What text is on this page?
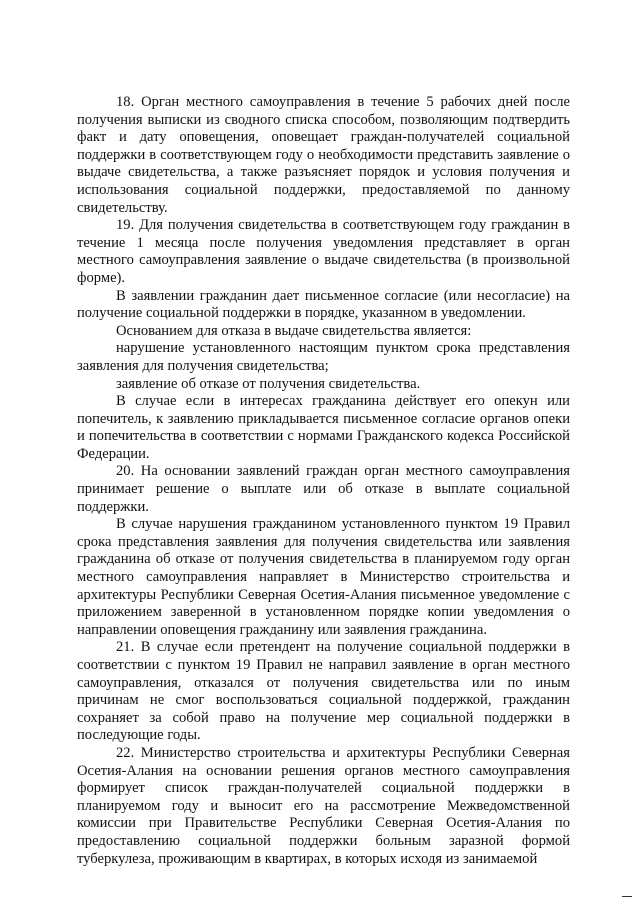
18. Орган местного самоуправления в течение 5 рабочих дней после получения выписки из сводного списка способом, позволяющим подтвердить факт и дату оповещения, оповещает граждан-получателей социальной поддержки в соответствующем году о необходимости представить заявление о выдаче свидетельства, а также разъясняет порядок и условия получения и использования социальной поддержки, предоставляемой по данному свидетельству.

19. Для получения свидетельства в соответствующем году гражданин в течение 1 месяца после получения уведомления представляет в орган местного самоуправления заявление о выдаче свидетельства (в произвольной форме).

В заявлении гражданин дает письменное согласие (или несогласие) на получение социальной поддержки в порядке, указанном в уведомлении.

Основанием для отказа в выдаче свидетельства является:

нарушение установленного настоящим пунктом срока представления заявления для получения свидетельства;

заявление об отказе от получения свидетельства.

В случае если в интересах гражданина действует его опекун или попечитель, к заявлению прикладывается письменное согласие органов опеки и попечительства в соответствии с нормами Гражданского кодекса Российской Федерации.

20. На основании заявлений граждан орган местного самоуправления принимает решение о выплате или об отказе в выплате социальной поддержки.

В случае нарушения гражданином установленного пунктом 19 Правил срока представления заявления для получения свидетельства или заявления гражданина об отказе от получения свидетельства в планируемом году орган местного самоуправления направляет в Министерство строительства и архитектуры Республики Северная Осетия-Алания письменное уведомление с приложением заверенной в установленном порядке копии уведомления о направлении оповещения гражданину или заявления гражданина.

21. В случае если претендент на получение социальной поддержки в соответствии с пунктом 19 Правил не направил заявление в орган местного самоуправления, отказался от получения свидетельства или по иным причинам не смог воспользоваться социальной поддержкой, гражданин сохраняет за собой право на получение мер социальной поддержки в последующие годы.

22. Министерство строительства и архитектуры Республики Северная Осетия-Алания на основании решения органов местного самоуправления формирует список граждан-получателей социальной поддержки в планируемом году и выносит его на рассмотрение Межведомственной комиссии при Правительстве Республики Северная Осетия-Алания по предоставлению социальной поддержки больным заразной формой туберкулеза, проживающим в квартирах, в которых исходя из занимаемой
